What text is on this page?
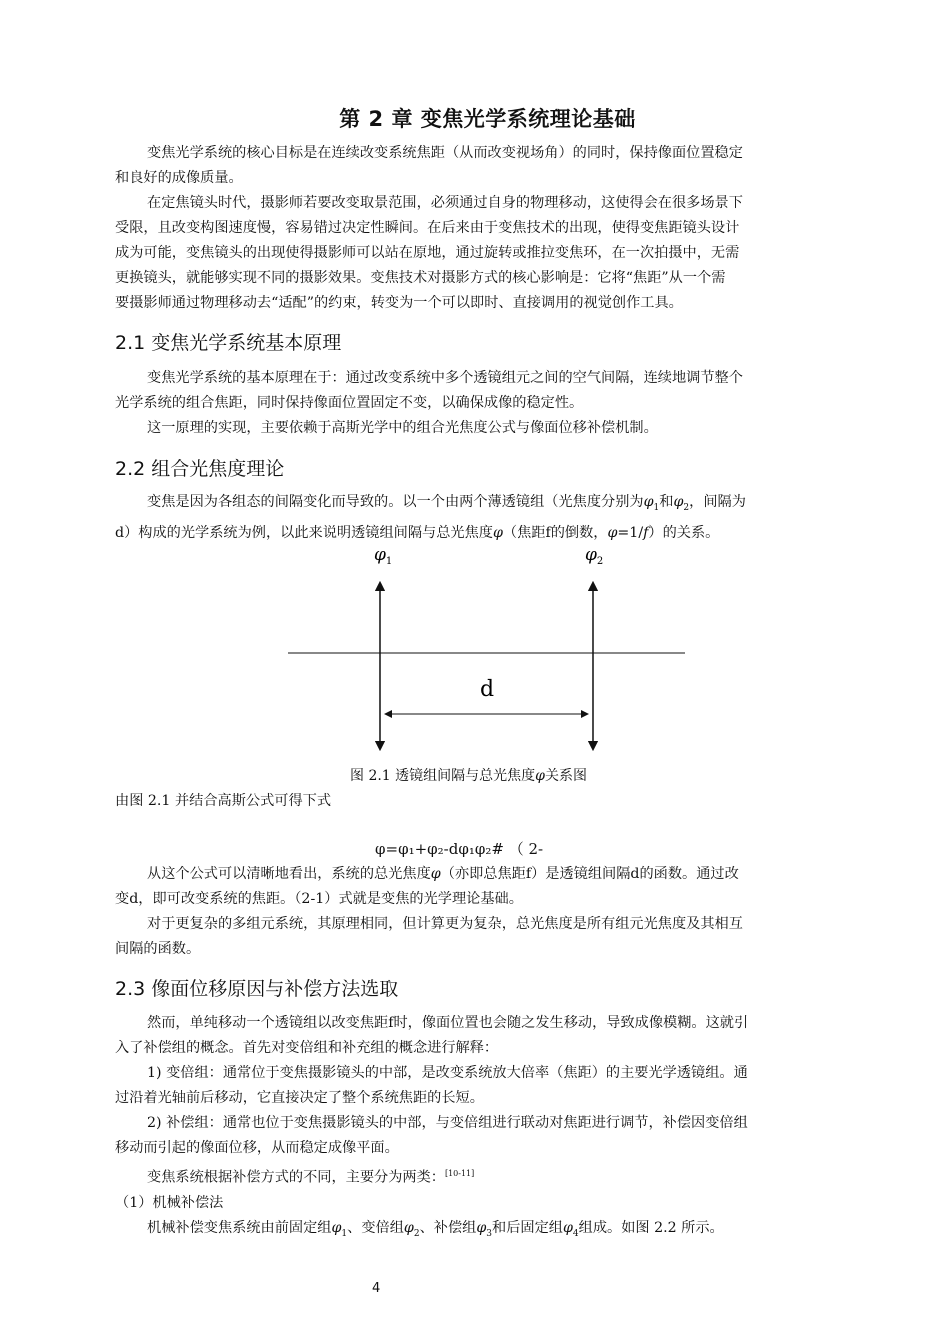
第 2 章 变焦光学系统理论基础
变焦光学系统的核心目标是在连续改变系统焦距（从而改变视场角）的同时，保持像面位置稳定
和良好的成像质量。
在定焦镜头时代，摄影师若要改变取景范围，必须通过自身的物理移动，这使得会在很多场景下
受限，且改变构图速度慢，容易错过决定性瞬间。在后来由于变焦技术的出现，使得变焦距镜头设计
成为可能，变焦镜头的出现使得摄影师可以站在原地，通过旋转或推拉变焦环，在一次拍摄中，无需
更换镜头，就能够实现不同的摄影效果。变焦技术对摄影方式的核心影响是：它将“焦距”从一个需
要摄影师通过物理移动去“适配”的约束，转变为一个可以即时、直接调用的视觉创作工具。
2.1 变焦光学系统基本原理
变焦光学系统的基本原理在于：通过改变系统中多个透镜组元之间的空气间隔，连续地调节整个
光学系统的组合焦距，同时保持像面位置固定不变，以确保成像的稳定性。
这一原理的实现，主要依赖于高斯光学中的组合光焦度公式与像面位移补偿机制。
2.2 组合光焦度理论
变焦是因为各组态的间隔变化而导致的。以一个由两个薄透镜组（光焦度分别为$\varphi_1$和$\varphi_2$，间隔为
d）构成的光学系统为例，以此来说明透镜组间隔与总光焦度φ（焦距f的倒数，φ=1/f）的关系。
$\varphi_1$	$\varphi_2$
d
图 2.1 透镜组间隔与总光焦度φ关系图
由图 2.1 并结合高斯公式可得下式
φ=φ₁+φ₂-dφ₁φ₂# （ 2-
从这个公式可以清晰地看出，系统的总光焦度φ（亦即总焦距f）是透镜组间隔d的函数。通过改
变d，即可改变系统的焦距。（2-1）式就是变焦的光学理论基础。
对于更复杂的多组元系统，其原理相同，但计算更为复杂，总光焦度是所有组元光焦度及其相互
间隔的函数。
2.3 像面位移原因与补偿方法选取
然而，单纯移动一个透镜组以改变焦距f时，像面位置也会随之发生移动，导致成像模糊。这就引
入了补偿组的概念。首先对变倍组和补充组的概念进行解释：
1) 变倍组：通常位于变焦摄影镜头的中部，是改变系统放大倍率（焦距）的主要光学透镜组。通
过沿着光轴前后移动，它直接决定了整个系统焦距的长短。
2) 补偿组：通常也位于变焦摄影镜头的中部，与变倍组进行联动对焦距进行调节，补偿因变倍组
移动而引起的像面位移，从而稳定成像平面。
变焦系统根据补偿方式的不同，主要分为两类：[10-11]
（1）机械补偿法
机械补偿变焦系统由前固定组$\varphi_1$、变倍组$\varphi_2$、补偿组$\varphi_3$和后固定组$\varphi_4$组成。如图 2.2 所示。
4
